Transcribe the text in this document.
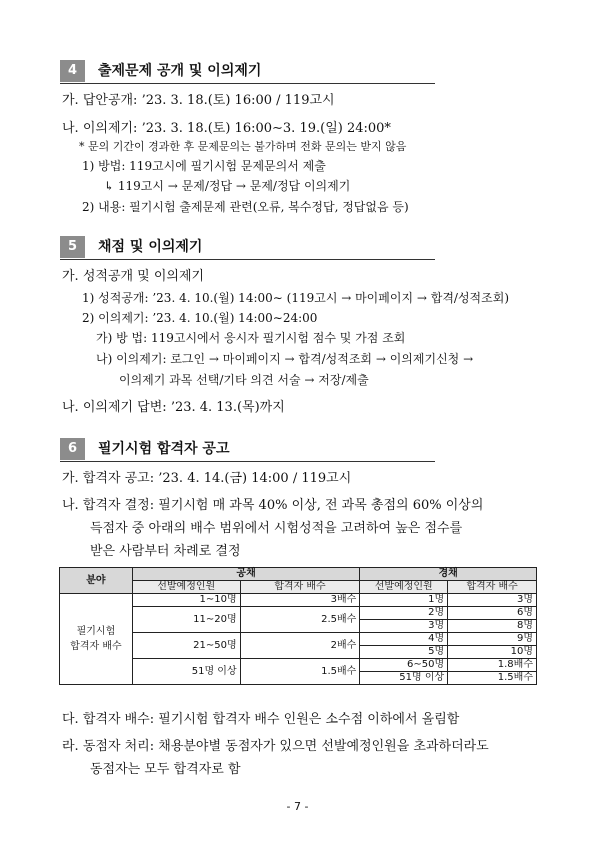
4	출제문제 공개 및 이의제기
가. 답안공개: ’23. 3. 18.(토) 16:00 / 119고시
나. 이의제기: ’23. 3. 18.(토) 16:00∼3. 19.(일) 24:00*
* 문의 기간이 경과한 후 문제문의는 불가하며 전화 문의는 받지 않음
1) 방법: 119고시에 필기시험 문제문의서 제출
↳ 119고시 → 문제/정답 → 문제/정답 이의제기
2) 내용: 필기시험 출제문제 관련(오류, 복수정답, 정답없음 등)
5	채점 및 이의제기
가. 성적공개 및 이의제기
1) 성적공개: ’23. 4. 10.(월) 14:00∼ (119고시 → 마이페이지 → 합격/성적조회)
2) 이의제기: ’23. 4. 10.(월) 14:00∼24:00
가) 방 법: 119고시에서 응시자 필기시험 점수 및 가점 조회
나) 이의제기: 로그인 → 마이페이지 → 합격/성적조회 → 이의제기신청 →
이의제기 과목 선택/기타 의견 서술 → 저장/제출
나. 이의제기 답변: ’23. 4. 13.(목)까지
6	필기시험 합격자 공고
가. 합격자 공고: ’23. 4. 14.(금) 14:00 / 119고시
나. 합격자 결정: 필기시험 매 과목 40% 이상, 전 과목 총점의 60% 이상의
득점자 중 아래의 배수 범위에서 시험성적을 고려하여 높은 점수를
받은 사람부터 차례로 결정
분야	공채		경채	
	선발예정인원	합격자 배수	선발예정인원	합격자 배수
필기시험
합격자 배수	1∼10명	3배수	1명	3명
	11∼20명	2.5배수	2명	6명
			3명	8명
	21∼50명	2배수	4명	9명
			5명	10명
	51명 이상	1.5배수	6∼50명	1.8배수
			51명 이상	1.5배수
다. 합격자 배수: 필기시험 합격자 배수 인원은 소수점 이하에서 올림함
라. 동점자 처리: 채용분야별 동점자가 있으면 선발예정인원을 초과하더라도
동점자는 모두 합격자로 함
- 7 -
